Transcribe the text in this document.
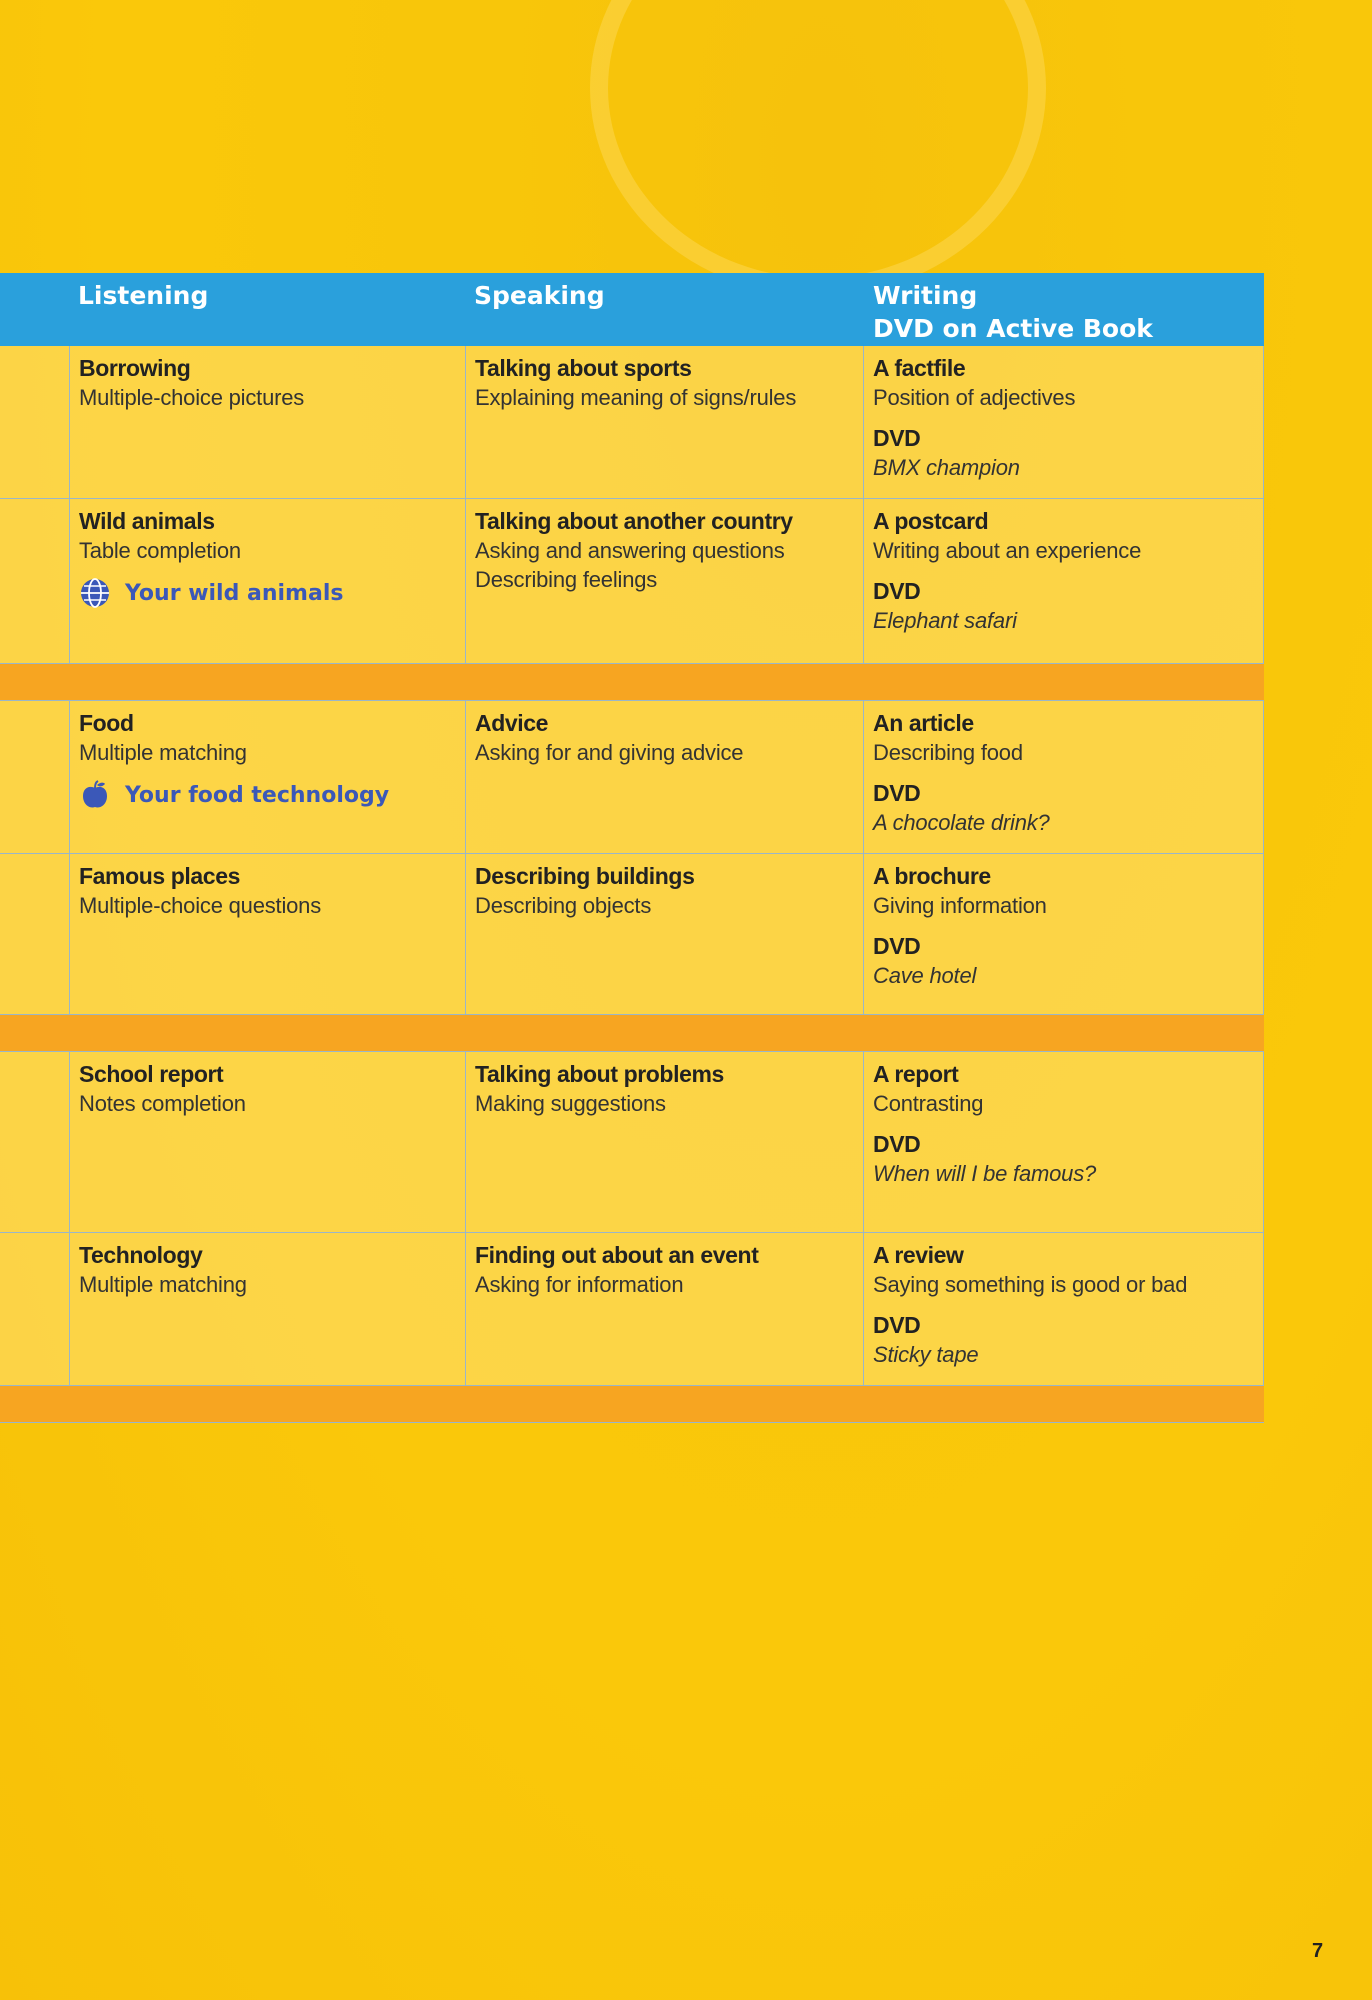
Listening	Speaking	Writing
DVD on Active Book
Borrowing
Multiple-choice pictures
Talking about sports
Explaining meaning of signs/rules
A factfile
Position of adjectives
DVD
BMX champion
Wild animals
Table completion
Your wild animals
Talking about another country
Asking and answering questions
Describing feelings
A postcard
Writing about an experience
DVD
Elephant safari
Food
Multiple matching
Your food technology
Advice
Asking for and giving advice
An article
Describing food
DVD
A chocolate drink?
Famous places
Multiple-choice questions
Describing buildings
Describing objects
A brochure
Giving information
DVD
Cave hotel
School report
Notes completion
Talking about problems
Making suggestions
A report
Contrasting
DVD
When will I be famous?
Technology
Multiple matching
Finding out about an event
Asking for information
A review
Saying something is good or bad
DVD
Sticky tape
7
